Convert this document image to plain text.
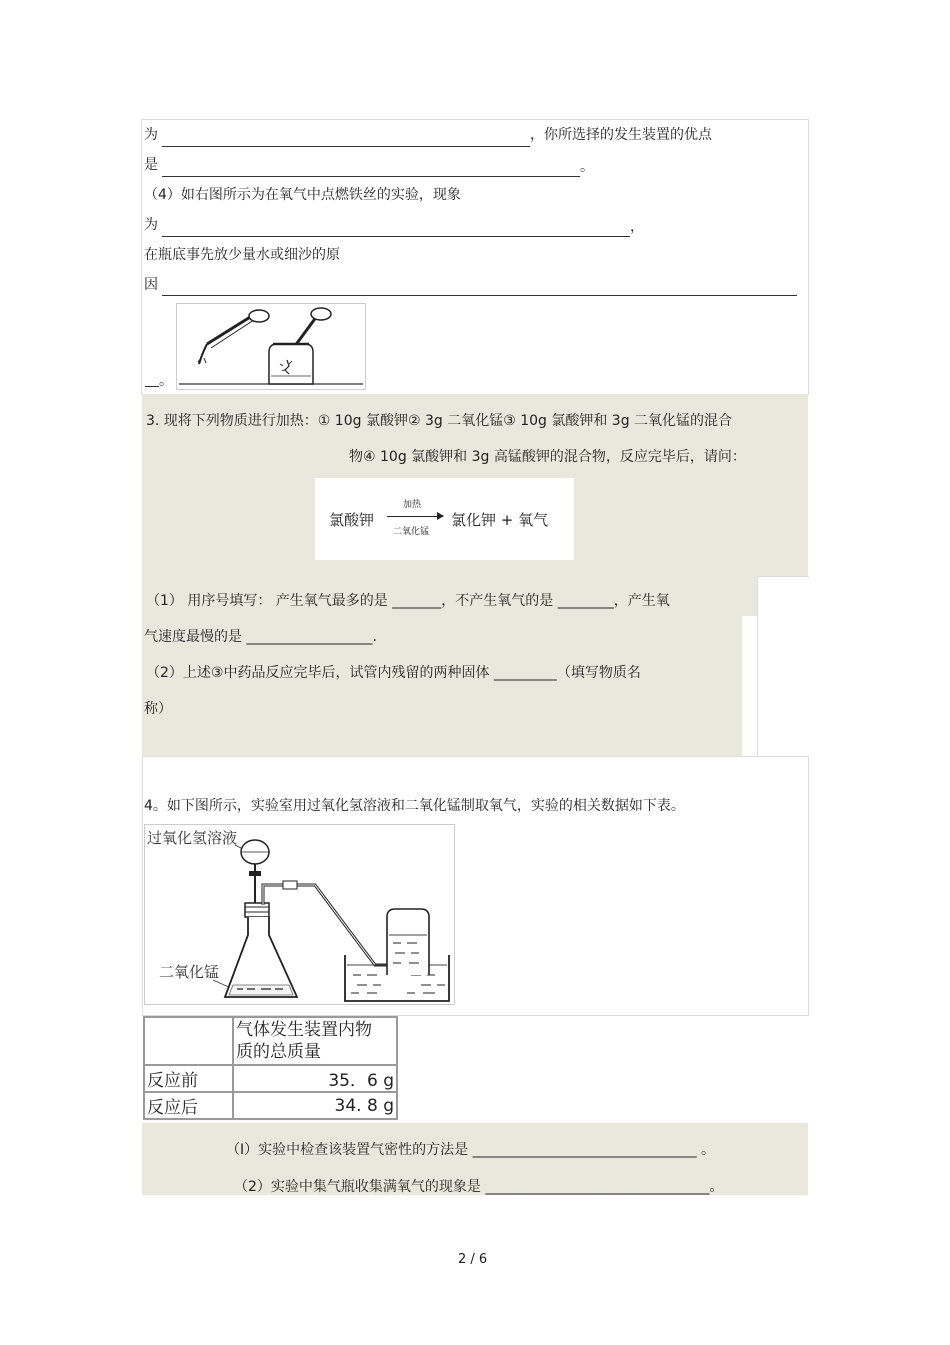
为	，你所选择的发生装置的优点
是	。
（4）如右图所示为在氧气中点燃铁丝的实验，现象
为	，
在瓶底事先放少量水或细沙的原
因
。
3. 现将下列物质进行加热：① 10g 氯酸钾② 3g 二氧化锰③ 10g 氯酸钾和 3g 二氧化锰的混合
物④ 10g 氯酸钾和 3g 高锰酸钾的混合物，反应完毕后，请问：
氯酸钾
加热
二氧化锰
氯化钾 + 氧气
（1） 用序号填写： 产生氧气最多的是 _______，不产生氧气的是 ________，产生氧
气速度最慢的是 __________________.
（2）上述③中药品反应完毕后，试管内残留的两种固体 _________（填写物质名
称）
4。如下图所示，实验室用过氧化氢溶液和二氧化锰制取氧气，实验的相关数据如下表。
过氧化氢溶液
二氧化锰

	气体发生装置内物
质的总质量

反应前	35．6 g
反应后	34. 8 g
（Ⅰ）实验中检查该装置气密性的方法是 ________________________________ 。
（2）实验中集气瓶收集满氧气的现象是 ________________________________。
2 / 6
